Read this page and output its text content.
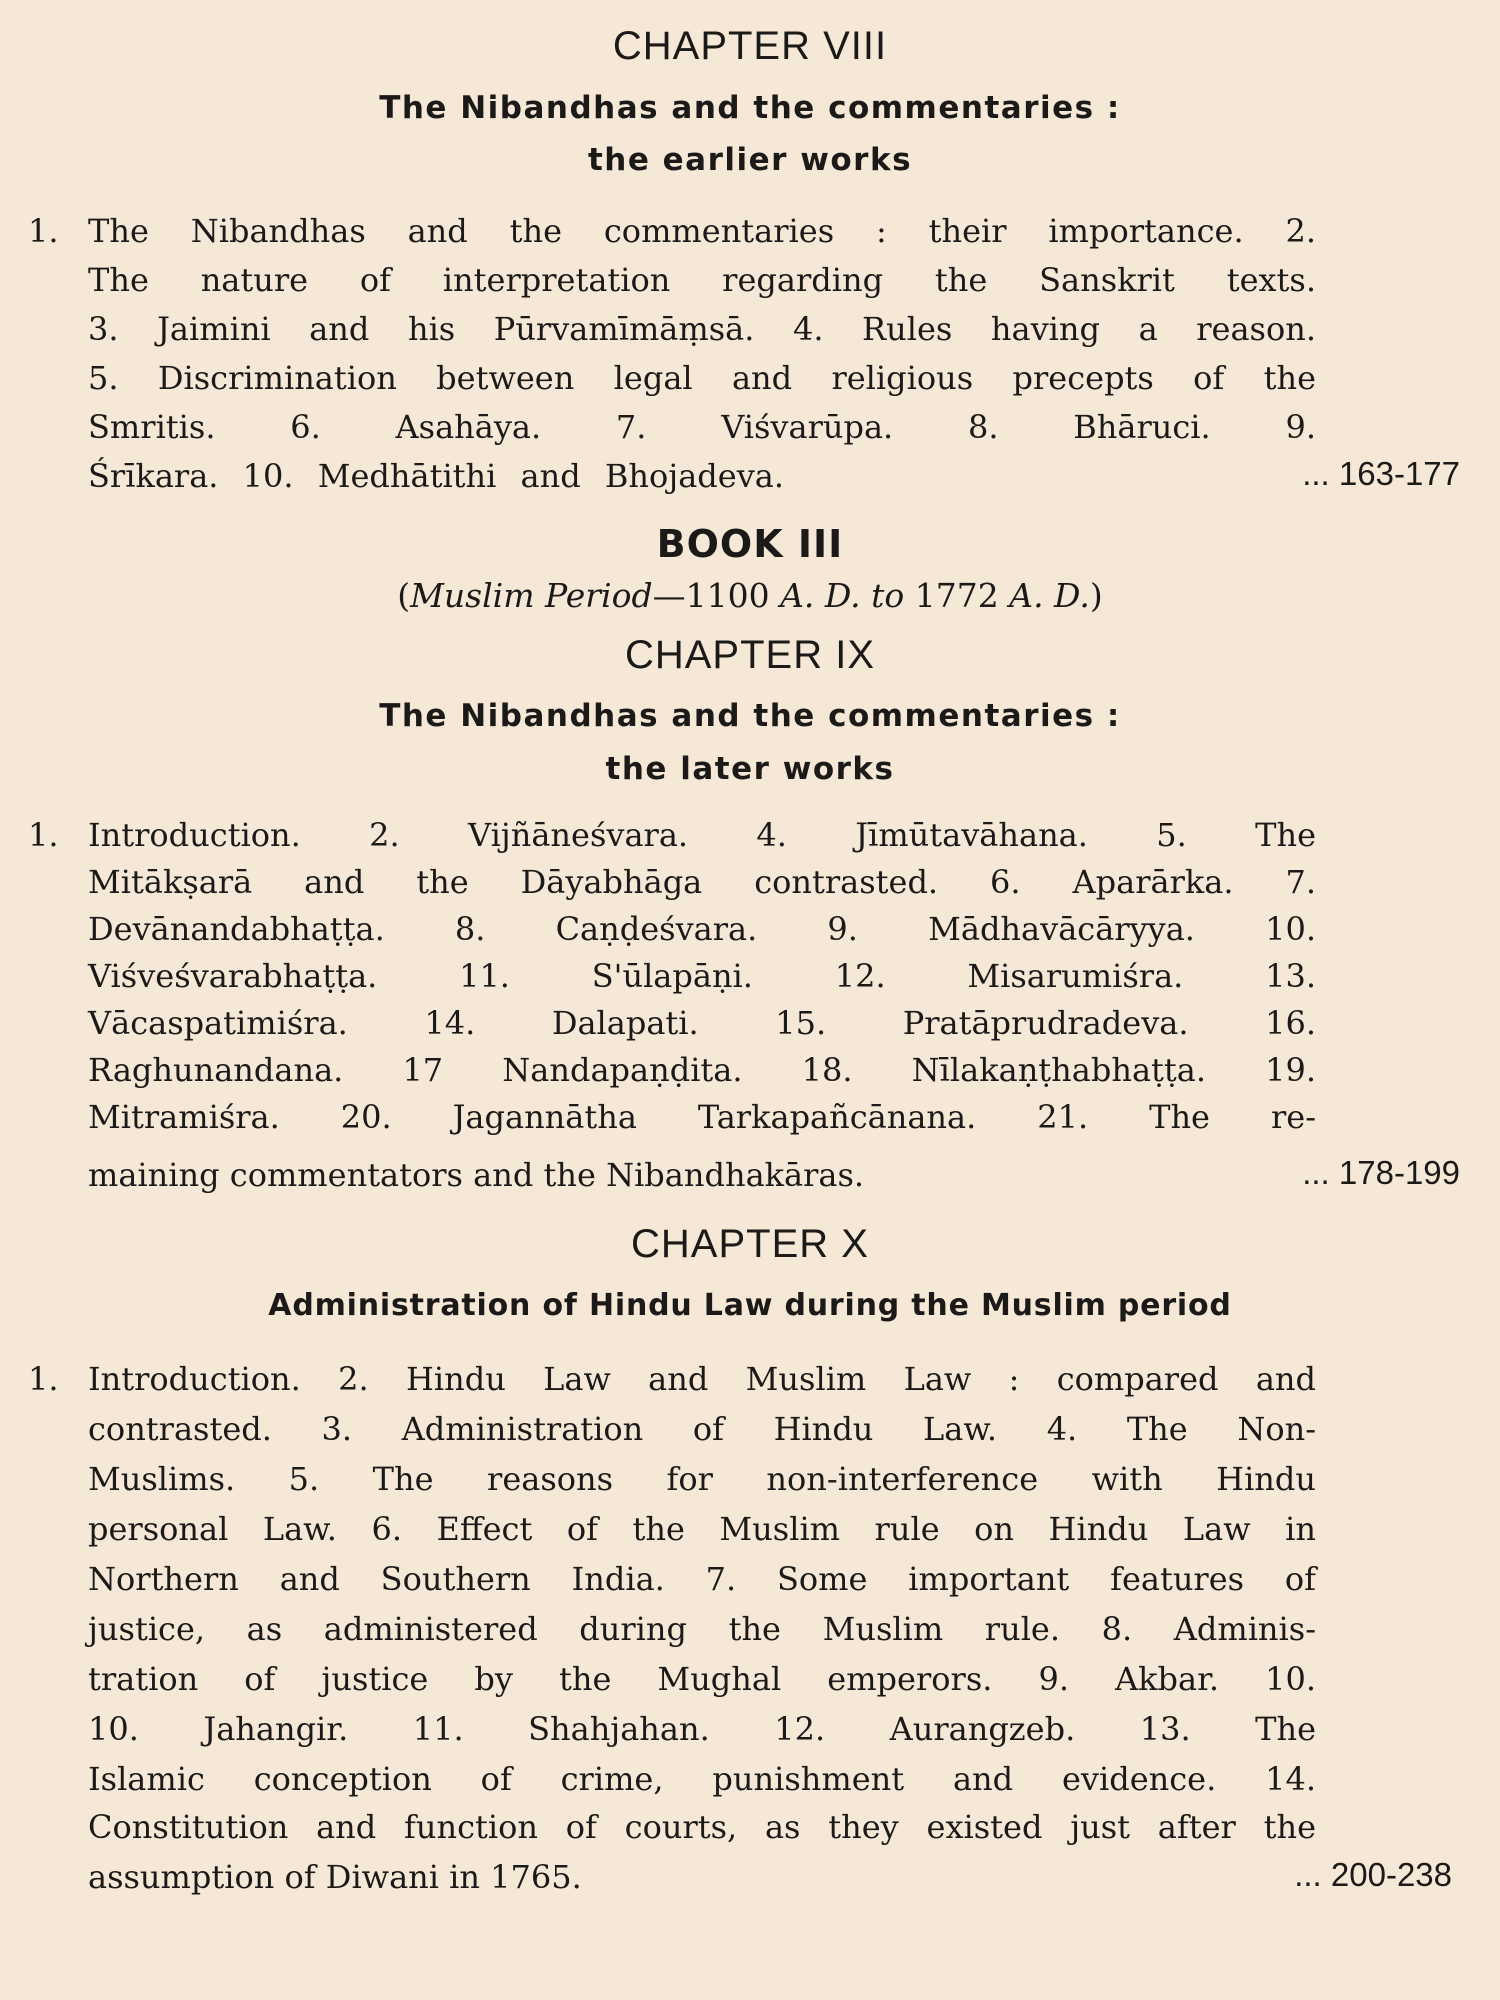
CHAPTER VIII
The Nibandhas and the commentaries :
the earlier works
1. The Nibandhas and the commentaries : their importance. 2.
The nature of interpretation regarding the Sanskrit texts.
3. Jaimini and his Pūrvamīmāṃsā. 4. Rules having a reason.
5. Discrimination between legal and religious precepts of the
Smritis. 6. Asahāya. 7. Viśvarūpa. 8. Bhāruci. 9.
Śrīkara. 10. Medhātithi and Bhojadeva.	... 163-177
BOOK III
(Muslim Period—1100 A. D. to 1772 A. D.)
CHAPTER IX
The Nibandhas and the commentaries :
the later works
1. Introduction. 2. Vijñāneśvara. 4. Jīmūtavāhana. 5. The
Mitākṣarā and the Dāyabhāga contrasted. 6. Aparārka. 7.
Devānandabhaṭṭa. 8. Caṇḍeśvara. 9. Mādhavācāryya. 10.
Viśveśvarabhaṭṭa. 11. S'ūlapāṇi. 12. Misarumiśra. 13.
Vācaspatimiśra. 14. Dalapati. 15. Pratāprudradeva. 16.
Raghunandana. 17 Nandapaṇḍita. 18. Nīlakaṇṭhabhaṭṭa. 19.
Mitramiśra. 20. Jagannātha Tarkapañcānana. 21. The re-
maining commentators and the Nibandhakāras.	... 178-199
CHAPTER X
Administration of Hindu Law during the Muslim period
1. Introduction. 2. Hindu Law and Muslim Law : compared and
contrasted. 3. Administration of Hindu Law. 4. The Non-
Muslims. 5. The reasons for non-interference with Hindu
personal Law. 6. Effect of the Muslim rule on Hindu Law in
Northern and Southern India. 7. Some important features of
justice, as administered during the Muslim rule. 8. Adminis-
tration of justice by the Mughal emperors. 9. Akbar. 10.
10. Jahangir. 11. Shahjahan. 12. Aurangzeb. 13. The
Islamic conception of crime, punishment and evidence. 14.
Constitution and function of courts, as they existed just after the
assumption of Diwani in 1765.	... 200-238
